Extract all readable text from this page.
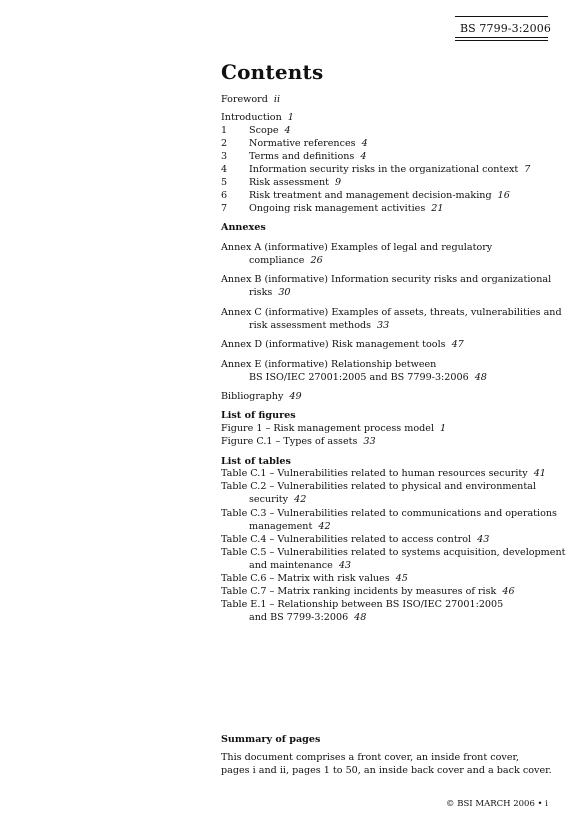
BS 7799-3:2006
Contents
Foreword ii
Introduction 1
1 Scope 4
2 Normative references 4
3 Terms and definitions 4
4 Information security risks in the organizational context 7
5 Risk assessment 9
6 Risk treatment and management decision-making 16
7 Ongoing risk management activities 21
Annexes
Annex A (informative) Examples of legal and regulatory
compliance 26
Annex B (informative) Information security risks and organizational
risks 30
Annex C (informative) Examples of assets, threats, vulnerabilities and
risk assessment methods 33
Annex D (informative) Risk management tools 47
Annex E (informative) Relationship between
BS ISO/IEC 27001:2005 and BS 7799-3:2006 48
Bibliography 49
List of figures
Figure 1 – Risk management process model 1
Figure C.1 – Types of assets 33
List of tables
Table C.1 – Vulnerabilities related to human resources security 41
Table C.2 – Vulnerabilities related to physical and environmental
security 42
Table C.3 – Vulnerabilities related to communications and operations
management 42
Table C.4 – Vulnerabilities related to access control 43
Table C.5 – Vulnerabilities related to systems acquisition, development
and maintenance 43
Table C.6 – Matrix with risk values 45
Table C.7 – Matrix ranking incidents by measures of risk 46
Table E.1 – Relationship between BS ISO/IEC 27001:2005
and BS 7799-3:2006 48
Summary of pages
This document comprises a front cover, an inside front cover,
pages i and ii, pages 1 to 50, an inside back cover and a back cover.
© BSI MARCH 2006 • i
